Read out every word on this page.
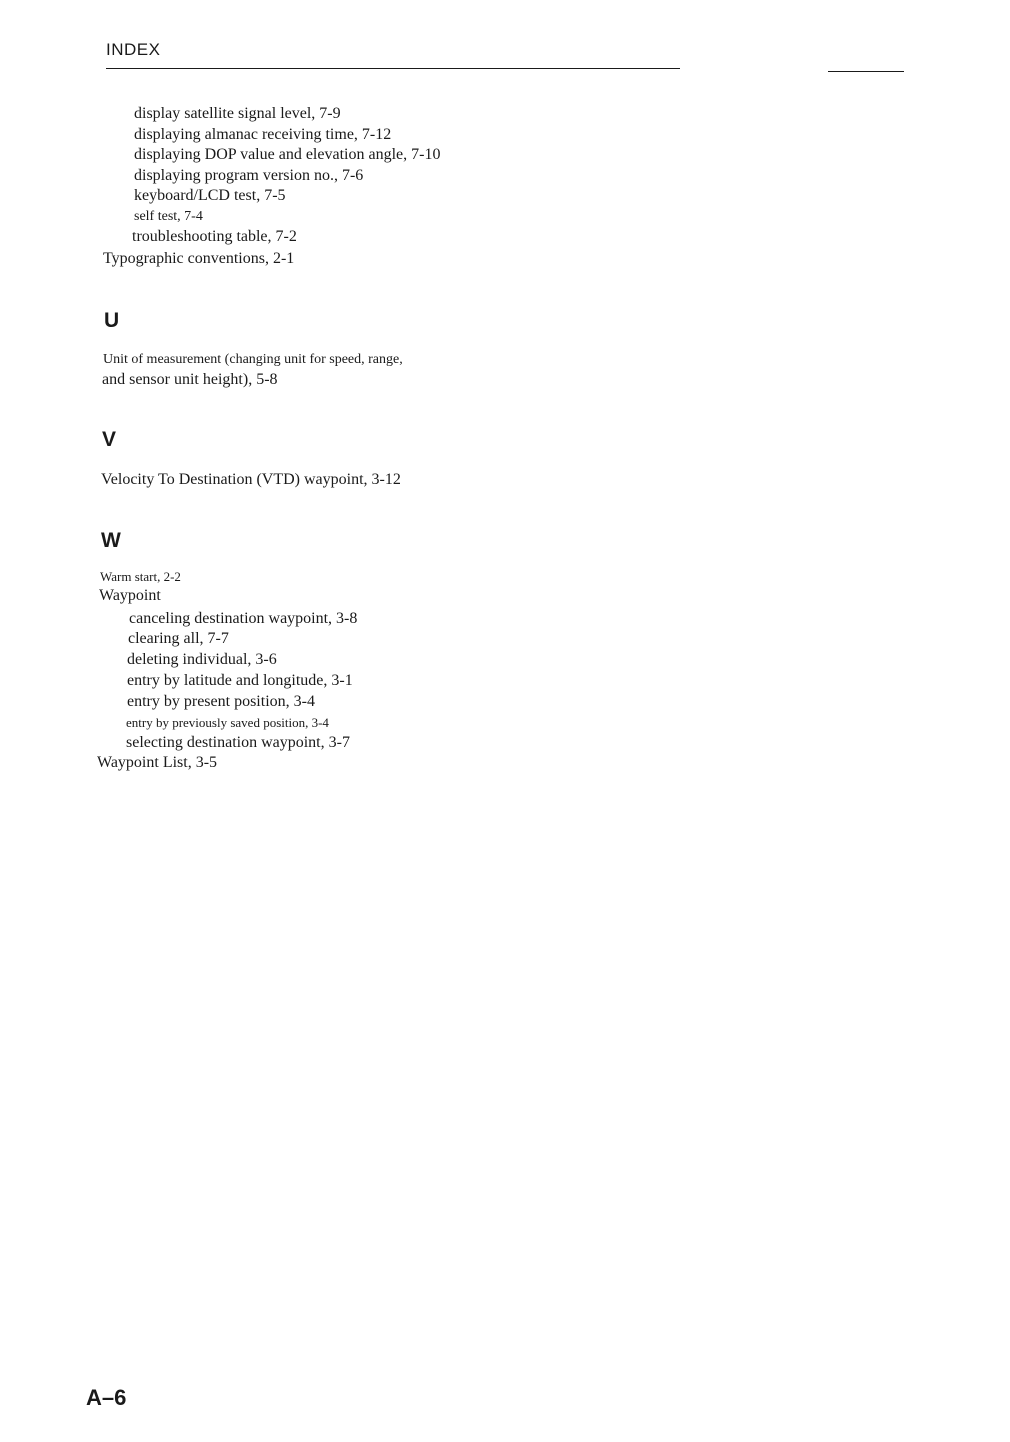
INDEX
display satellite signal level, 7-9
displaying almanac receiving time, 7-12
displaying DOP value and elevation angle, 7-10
displaying program version no., 7-6
keyboard/LCD test, 7-5
self test, 7-4
troubleshooting table, 7-2
Typographic conventions, 2-1
U
Unit of measurement (changing unit for speed, range,
and sensor unit height), 5-8
V
Velocity To Destination (VTD) waypoint, 3-12
W
Warm start, 2-2
Waypoint
canceling destination waypoint, 3-8
clearing all, 7-7
deleting individual, 3-6
entry by latitude and longitude, 3-1
entry by present position, 3-4
entry by previously saved position, 3-4
selecting destination waypoint, 3-7
Waypoint List, 3-5
A–6
